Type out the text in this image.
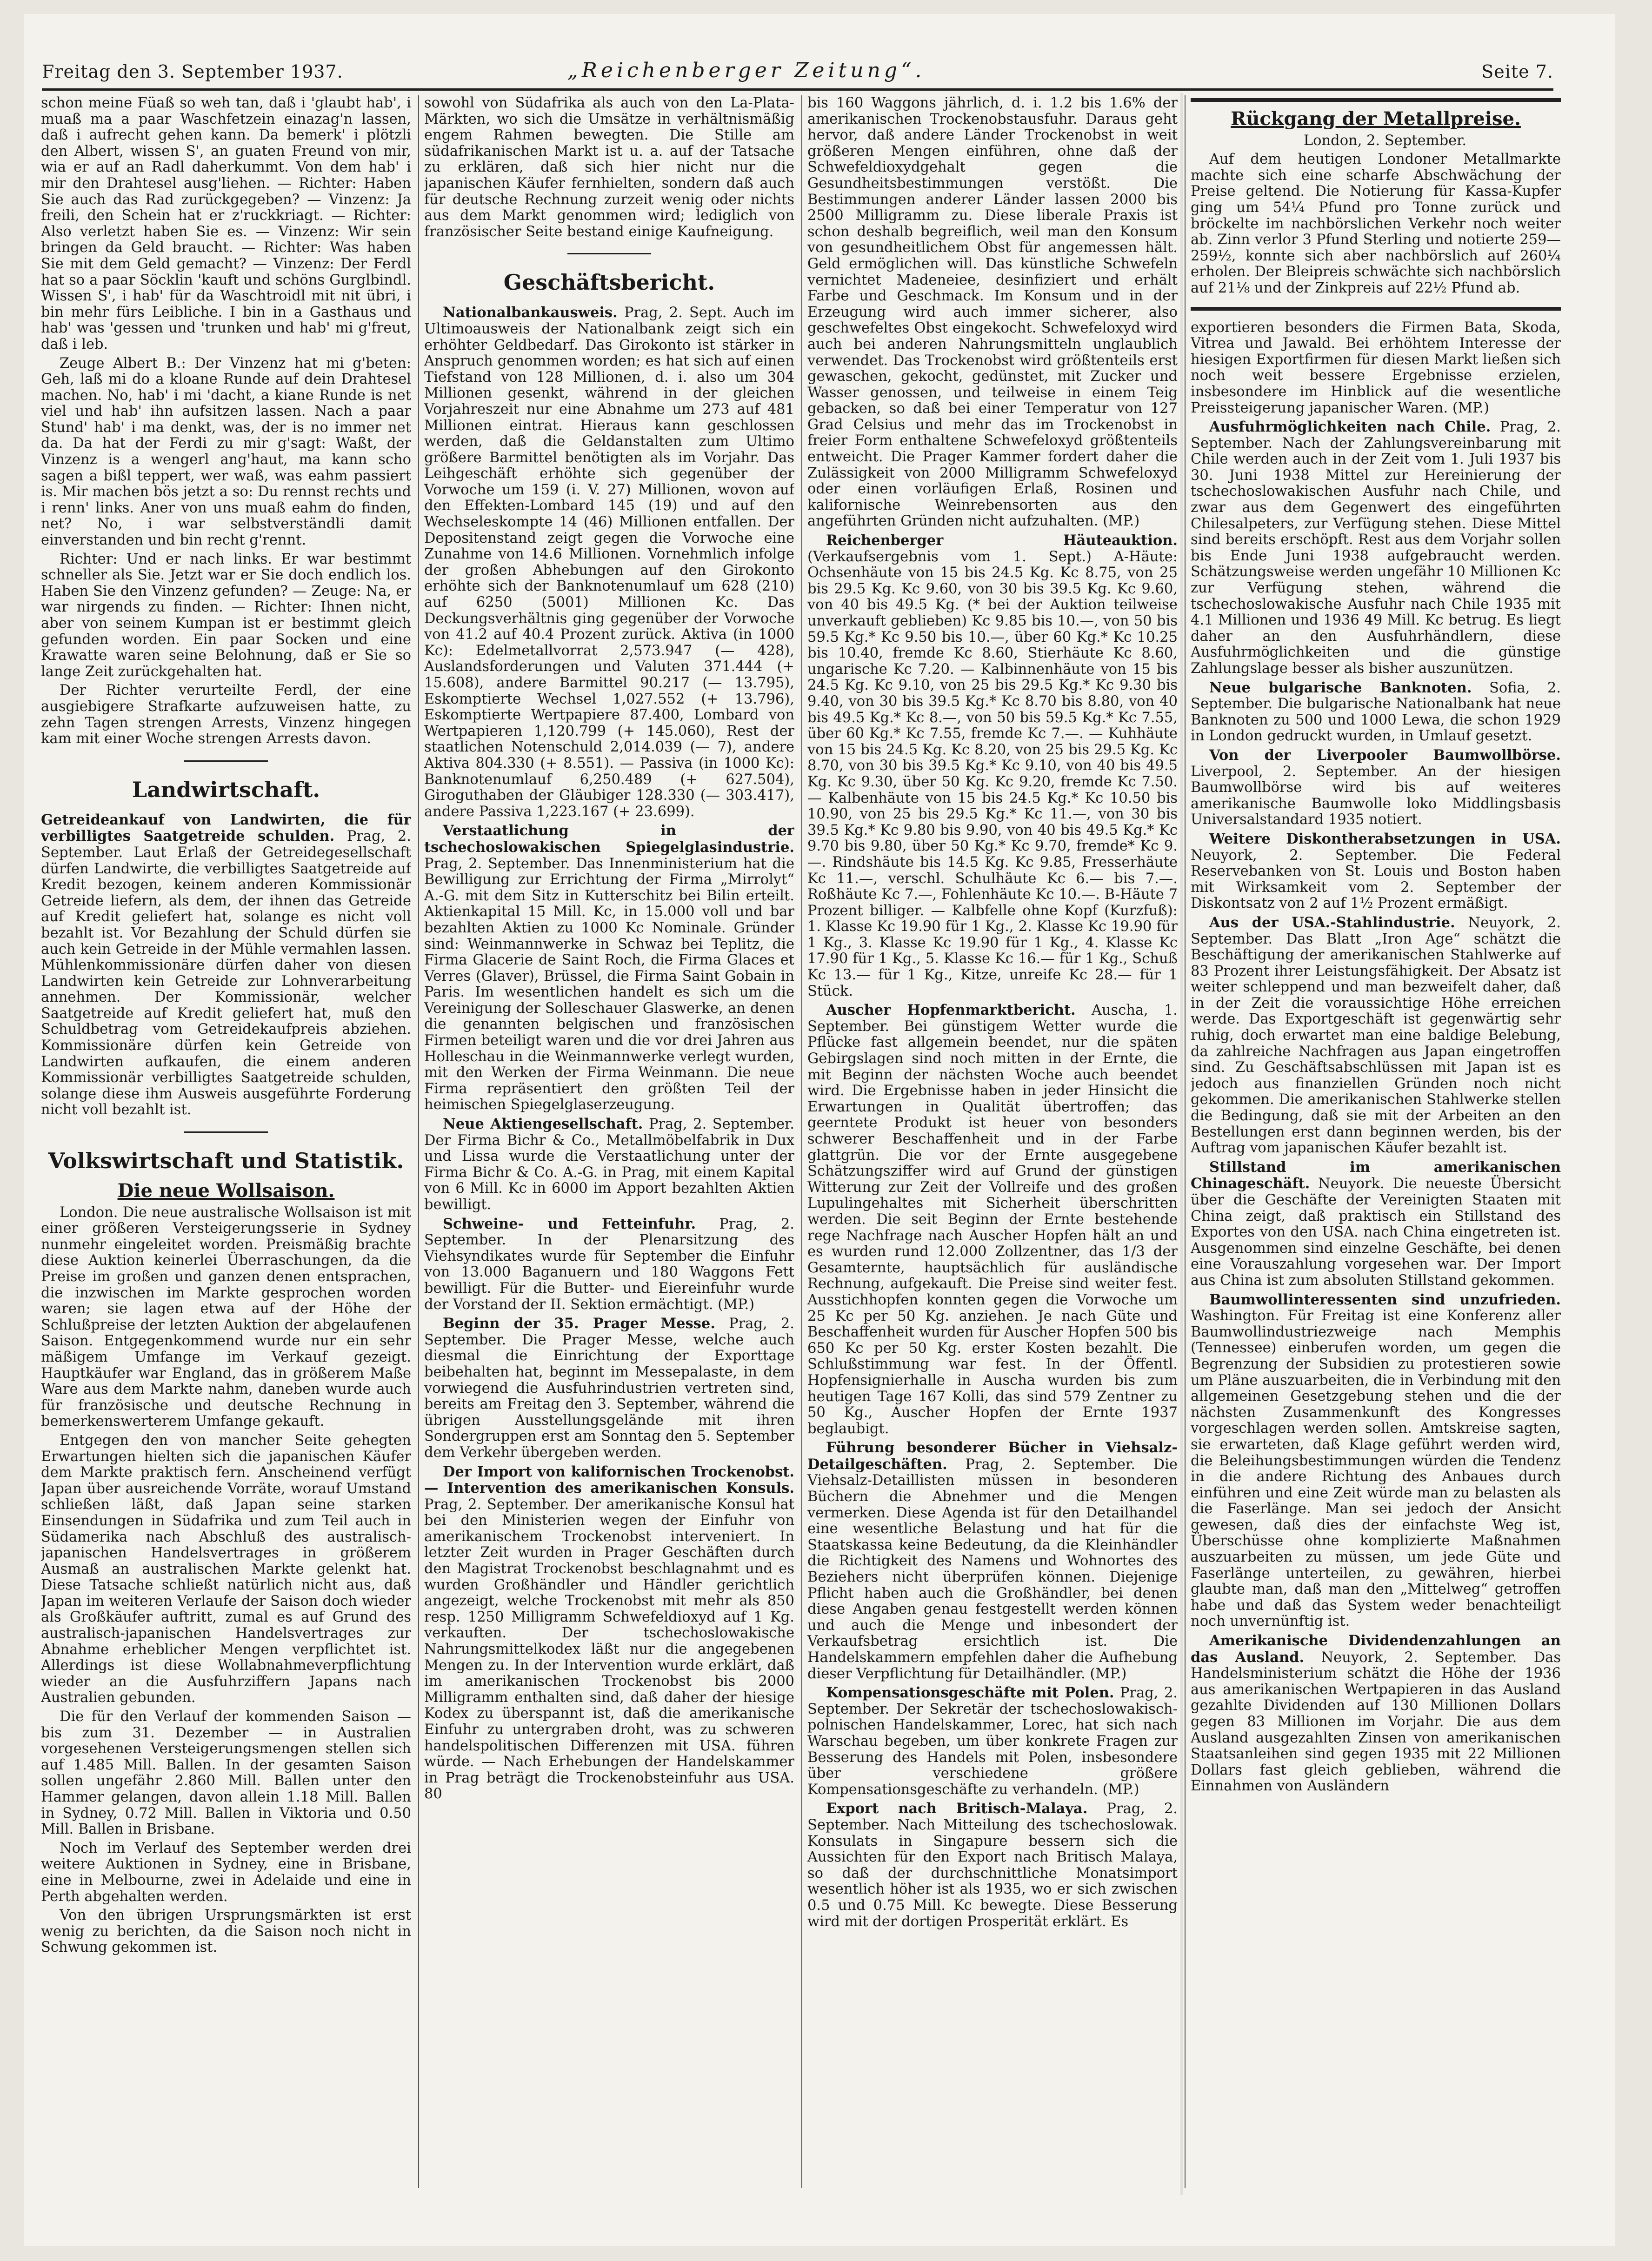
Freitag den 3. September 1937.	„Reichenberger Zeitung“.	Seite 7.

schon meine Füaß so weh tan, daß i 'glaubt hab', i muaß ma a paar Waschfetzein einazag'n lassen, daß i aufrecht gehen kann. Da bemerk' i plötzli den Albert, wissen S', an guaten Freund von mir, wia er auf an Radl daherkummt. Von dem hab' i mir den Drahtesel ausg'liehen. — Richter: Haben Sie auch das Rad zurückgegeben? — Vinzenz: Ja freili, den Schein hat er z'ruckkriagt. — Richter: Also verletzt haben Sie es. — Vinzenz: Wir sein bringen da Geld braucht. — Richter: Was haben Sie mit dem Geld gemacht? — Vinzenz: Der Ferdl hat so a paar Söcklin 'kauft und schöns Gurglbindl. Wissen S', i hab' für da Waschtroidl mit nit übri, i bin mehr fürs Leibliche. I bin in a Gasthaus und hab' was 'gessen und 'trunken und hab' mi g'freut, daß i leb.

Zeuge Albert B.: Der Vinzenz hat mi g'beten: Geh, laß mi do a kloane Runde auf dein Drahtesel machen. No, hab' i mi 'dacht, a kiane Runde is net viel und hab' ihn aufsitzen lassen. Nach a paar Stund' hab' i ma denkt, was, der is no immer net da. Da hat der Ferdi zu mir g'sagt: Waßt, der Vinzenz is a wengerl ang'haut, ma kann scho sagen a bißl teppert, wer waß, was eahm passiert is. Mir machen bös jetzt a so: Du rennst rechts und i renn' links. Aner von uns muaß eahm do finden, net? No, i war selbstverständli damit einverstanden und bin recht g'rennt.

Richter: Und er nach links. Er war bestimmt schneller als Sie. Jetzt war er Sie doch endlich los. Haben Sie den Vinzenz gefunden? — Zeuge: Na, er war nirgends zu finden. — Richter: Ihnen nicht, aber von seinem Kumpan ist er bestimmt gleich gefunden worden. Ein paar Socken und eine Krawatte waren seine Belohnung, daß er Sie so lange Zeit zurückgehalten hat.

Der Richter verurteilte Ferdl, der eine ausgiebigere Strafkarte aufzuweisen hatte, zu zehn Tagen strengen Arrests, Vinzenz hingegen kam mit einer Woche strengen Arrests davon.

Landwirtschaft.

Getreideankauf von Landwirten, die für verbilligtes Saatgetreide schulden. Prag, 2. September. Laut Erlaß der Getreidegesellschaft dürfen Landwirte, die verbilligtes Saatgetreide auf Kredit bezogen, keinem anderen Kommissionär Getreide liefern, als dem, der ihnen das Getreide auf Kredit geliefert hat, solange es nicht voll bezahlt ist. Vor Bezahlung der Schuld dürfen sie auch kein Getreide in der Mühle vermahlen lassen. Mühlenkommissionäre dürfen daher von diesen Landwirten kein Getreide zur Lohnverarbeitung annehmen. Der Kommissionär, welcher Saatgetreide auf Kredit geliefert hat, muß den Schuldbetrag vom Getreidekaufpreis abziehen. Kommissionäre dürfen kein Getreide von Landwirten aufkaufen, die einem anderen Kommissionär verbilligtes Saatgetreide schulden, solange diese ihm Ausweis ausgeführte Forderung nicht voll bezahlt ist.

Volkswirtschaft und Statistik.
Die neue Wollsaison.

London. Die neue australische Wollsaison ist mit einer größeren Versteigerungsserie in Sydney nunmehr eingeleitet worden. Preismäßig brachte diese Auktion keinerlei Überraschungen, da die Preise im großen und ganzen denen entsprachen, die inzwischen im Markte gesprochen worden waren; sie lagen etwa auf der Höhe der Schlußpreise der letzten Auktion der abgelaufenen Saison. Entgegenkommend wurde nur ein sehr mäßigem Umfange im Verkauf gezeigt. Hauptkäufer war England, das in größerem Maße Ware aus dem Markte nahm, daneben wurde auch für französische und deutsche Rechnung in bemerkenswerterem Umfange gekauft.

Entgegen den von mancher Seite gehegten Erwartungen hielten sich die japanischen Käufer dem Markte praktisch fern. Anscheinend verfügt Japan über ausreichende Vorräte, worauf Umstand schließen läßt, daß Japan seine starken Einsendungen in Südafrika und zum Teil auch in Südamerika nach Abschluß des australisch-japanischen Handelsvertrages in größerem Ausmaß an australischen Markte gelenkt hat. Diese Tatsache schließt natürlich nicht aus, daß Japan im weiteren Verlaufe der Saison doch wieder als Großkäufer auftritt, zumal es auf Grund des australisch-japanischen Handelsvertrages zur Abnahme erheblicher Mengen verpflichtet ist. Allerdings ist diese Wollabnahmeverpflichtung wieder an die Ausfuhrziffern Japans nach Australien gebunden.

Die für den Verlauf der kommenden Saison — bis zum 31. Dezember — in Australien vorgesehenen Versteigerungsmengen stellen sich auf 1.485 Mill. Ballen. In der gesamten Saison sollen ungefähr 2.860 Mill. Ballen unter den Hammer gelangen, davon allein 1.18 Mill. Ballen in Sydney, 0.72 Mill. Ballen in Viktoria und 0.50 Mill. Ballen in Brisbane.

Noch im Verlauf des September werden drei weitere Auktionen in Sydney, eine in Brisbane, eine in Melbourne, zwei in Adelaide und eine in Perth abgehalten werden.

Von den übrigen Ursprungsmärkten ist erst wenig zu berichten, da die Saison noch nicht in Schwung gekommen ist.

sowohl von Südafrika als auch von den La-Plata-Märkten, wo sich die Umsätze in verhältnismäßig engem Rahmen bewegten. Die Stille am südafrikanischen Markt ist u. a. auf der Tatsache zu erklären, daß sich hier nicht nur die japanischen Käufer fernhielten, sondern daß auch für deutsche Rechnung zurzeit wenig oder nichts aus dem Markt genommen wird; lediglich von französischer Seite bestand einige Kaufneigung.

Geschäftsbericht.

Nationalbankausweis. Prag, 2. Sept. Auch im Ultimoausweis der Nationalbank zeigt sich ein erhöhter Geldbedarf. Das Girokonto ist stärker in Anspruch genommen worden; es hat sich auf einen Tiefstand von 128 Millionen, d. i. also um 304 Millionen gesenkt, während in der gleichen Vorjahreszeit nur eine Abnahme um 273 auf 481 Millionen eintrat. Hieraus kann geschlossen werden, daß die Geldanstalten zum Ultimo größere Barmittel benötigten als im Vorjahr. Das Leihgeschäft erhöhte sich gegenüber der Vorwoche um 159 (i. V. 27) Millionen, wovon auf den Effekten-Lombard 145 (19) und auf den Wechseleskompte 14 (46) Millionen entfallen. Der Depositenstand zeigt gegen die Vorwoche eine Zunahme von 14.6 Millionen. Vornehmlich infolge der großen Abhebungen auf den Girokonto erhöhte sich der Banknotenumlauf um 628 (210) auf 6250 (5001) Millionen Kc. Das Deckungsverhältnis ging gegenüber der Vorwoche von 41.2 auf 40.4 Prozent zurück. Aktiva (in 1000 Kc): Edelmetallvorrat 2,573.947 (— 428), Auslandsforderungen und Valuten 371.444 (+ 15.608), andere Barmittel 90.217 (— 13.795), Eskomptierte Wechsel 1,027.552 (+ 13.796), Eskomptierte Wertpapiere 87.400, Lombard von Wertpapieren 1,120.799 (+ 145.060), Rest der staatlichen Notenschuld 2,014.039 (— 7), andere Aktiva 804.330 (+ 8.551). — Passiva (in 1000 Kc): Banknotenumlauf 6,250.489 (+ 627.504), Giroguthaben der Gläubiger 128.330 (— 303.417), andere Passiva 1,223.167 (+ 23.699).

Verstaatlichung in der tschechoslowakischen Spiegelglasindustrie. Prag, 2. September. Das Innenministerium hat die Bewilligung zur Errichtung der Firma „Mirrolyt“ A.-G. mit dem Sitz in Kutterschitz bei Bilin erteilt. Aktienkapital 15 Mill. Kc, in 15.000 voll und bar bezahlten Aktien zu 1000 Kc Nominale. Gründer sind: Weinmannwerke in Schwaz bei Teplitz, die Firma Glacerie de Saint Roch, die Firma Glaces et Verres (Glaver), Brüssel, die Firma Saint Gobain in Paris. Im wesentlichen handelt es sich um die Vereinigung der Solleschauer Glaswerke, an denen die genannten belgischen und französischen Firmen beteiligt waren und die vor drei Jahren aus Holleschau in die Weinmannwerke verlegt wurden, mit den Werken der Firma Weinmann. Die neue Firma repräsentiert den größten Teil der heimischen Spiegelglaserzeugung.

Neue Aktiengesellschaft. Prag, 2. September. Der Firma Bichr & Co., Metallmöbelfabrik in Dux und Lissa wurde die Verstaatlichung unter der Firma Bichr & Co. A.-G. in Prag, mit einem Kapital von 6 Mill. Kc in 6000 im Apport bezahlten Aktien bewilligt.

Schweine- und Fetteinfuhr. Prag, 2. September. In der Plenarsitzung des Viehsyndikates wurde für September die Einfuhr von 13.000 Baganuern und 180 Waggons Fett bewilligt. Für die Butter- und Eiereinfuhr wurde der Vorstand der II. Sektion ermächtigt. (MP.)

Beginn der 35. Prager Messe. Prag, 2. September. Die Prager Messe, welche auch diesmal die Einrichtung der Exporttage beibehalten hat, beginnt im Messepalaste, in dem vorwiegend die Ausfuhrindustrien vertreten sind, bereits am Freitag den 3. September, während die übrigen Ausstellungsgelände mit ihren Sondergruppen erst am Sonntag den 5. September dem Verkehr übergeben werden.

Der Import von kalifornischen Trockenobst. — Intervention des amerikanischen Konsuls. Prag, 2. September. Der amerikanische Konsul hat bei den Ministerien wegen der Einfuhr von amerikanischem Trockenobst interveniert. In letzter Zeit wurden in Prager Geschäften durch den Magistrat Trockenobst beschlagnahmt und es wurden Großhändler und Händler gerichtlich angezeigt, welche Trockenobst mit mehr als 850 resp. 1250 Milligramm Schwefeldioxyd auf 1 Kg. verkauften. Der tschechoslowakische Nahrungsmittelkodex läßt nur die angegebenen Mengen zu. In der Intervention wurde erklärt, daß im amerikanischen Trockenobst bis 2000 Milligramm enthalten sind, daß daher der hiesige Kodex zu überspannt ist, daß die amerikanische Einfuhr zu untergraben droht, was zu schweren handelspolitischen Differenzen mit USA. führen würde. — Nach Erhebungen der Handelskammer in Prag beträgt die Trockenobsteinfuhr aus USA. 80

bis 160 Waggons jährlich, d. i. 1.2 bis 1.6% der amerikanischen Trockenobstausfuhr. Daraus geht hervor, daß andere Länder Trockenobst in weit größeren Mengen einführen, ohne daß der Schwefeldioxydgehalt gegen die Gesundheitsbestimmungen verstößt. Die Bestimmungen anderer Länder lassen 2000 bis 2500 Milligramm zu. Diese liberale Praxis ist schon deshalb begreiflich, weil man den Konsum von gesundheitlichem Obst für angemessen hält. Geld ermöglichen will. Das künstliche Schwefeln vernichtet Madeneiee, desinfiziert und erhält Farbe und Geschmack. Im Konsum und in der Erzeugung wird auch immer sicherer, also geschwefeltes Obst eingekocht. Schwefeloxyd wird auch bei anderen Nahrungsmitteln unglaublich verwendet. Das Trockenobst wird größtenteils erst gewaschen, gekocht, gedünstet, mit Zucker und Wasser genossen, und teilweise in einem Teig gebacken, so daß bei einer Temperatur von 127 Grad Celsius und mehr das im Trockenobst in freier Form enthaltene Schwefeloxyd größtenteils entweicht. Die Prager Kammer fordert daher die Zulässigkeit von 2000 Milligramm Schwefeloxyd oder einen vorläufigen Erlaß, Rosinen und kalifornische Weinrebensorten aus den angeführten Gründen nicht aufzuhalten. (MP.)

Reichenberger Häuteauktion. (Verkaufsergebnis vom 1. Sept.) A-Häute: Ochsenhäute von 15 bis 24.5 Kg. Kc 8.75, von 25 bis 29.5 Kg. Kc 9.60, von 30 bis 39.5 Kg. Kc 9.60, von 40 bis 49.5 Kg. (* bei der Auktion teilweise unverkauft geblieben) Kc 9.85 bis 10.—, von 50 bis 59.5 Kg.* Kc 9.50 bis 10.—, über 60 Kg.* Kc 10.25 bis 10.40, fremde Kc 8.60, Stierhäute Kc 8.60, ungarische Kc 7.20. — Kalbinnenhäute von 15 bis 24.5 Kg. Kc 9.10, von 25 bis 29.5 Kg.* Kc 9.30 bis 9.40, von 30 bis 39.5 Kg.* Kc 8.70 bis 8.80, von 40 bis 49.5 Kg.* Kc 8.—, von 50 bis 59.5 Kg.* Kc 7.55, über 60 Kg.* Kc 7.55, fremde Kc 7.—. — Kuhhäute von 15 bis 24.5 Kg. Kc 8.20, von 25 bis 29.5 Kg. Kc 8.70, von 30 bis 39.5 Kg.* Kc 9.10, von 40 bis 49.5 Kg. Kc 9.30, über 50 Kg. Kc 9.20, fremde Kc 7.50. — Kalbenhäute von 15 bis 24.5 Kg.* Kc 10.50 bis 10.90, von 25 bis 29.5 Kg.* Kc 11.—, von 30 bis 39.5 Kg.* Kc 9.80 bis 9.90, von 40 bis 49.5 Kg.* Kc 9.70 bis 9.80, über 50 Kg.* Kc 9.70, fremde* Kc 9.—. Rindshäute bis 14.5 Kg. Kc 9.85, Fresserhäute Kc 11.—, verschl. Schulhäute Kc 6.— bis 7.—. Roßhäute Kc 7.—, Fohlenhäute Kc 10.—. B-Häute 7 Prozent billiger. — Kalbfelle ohne Kopf (Kurzfuß): 1. Klasse Kc 19.90 für 1 Kg., 2. Klasse Kc 19.90 für 1 Kg., 3. Klasse Kc 19.90 für 1 Kg., 4. Klasse Kc 17.90 für 1 Kg., 5. Klasse Kc 16.— für 1 Kg., Schuß Kc 13.— für 1 Kg., Kitze, unreife Kc 28.— für 1 Stück.

Auscher Hopfenmarktbericht. Auscha, 1. September. Bei günstigem Wetter wurde die Pflücke fast allgemein beendet, nur die späten Gebirgslagen sind noch mitten in der Ernte, die mit Beginn der nächsten Woche auch beendet wird. Die Ergebnisse haben in jeder Hinsicht die Erwartungen in Qualität übertroffen; das geerntete Produkt ist heuer von besonders schwerer Beschaffenheit und in der Farbe glattgrün. Die vor der Ernte ausgegebene Schätzungsziffer wird auf Grund der günstigen Witterung zur Zeit der Vollreife und des großen Lupulingehaltes mit Sicherheit überschritten werden. Die seit Beginn der Ernte bestehende rege Nachfrage nach Auscher Hopfen hält an und es wurden rund 12.000 Zollzentner, das 1/3 der Gesamternte, hauptsächlich für ausländische Rechnung, aufgekauft. Die Preise sind weiter fest. Ausstichhopfen konnten gegen die Vorwoche um 25 Kc per 50 Kg. anziehen. Je nach Güte und Beschaffenheit wurden für Auscher Hopfen 500 bis 650 Kc per 50 Kg. erster Kosten bezahlt. Die Schlußstimmung war fest. In der Öffentl. Hopfensignierhalle in Auscha wurden bis zum heutigen Tage 167 Kolli, das sind 579 Zentner zu 50 Kg., Auscher Hopfen der Ernte 1937 beglaubigt.

Führung besonderer Bücher in Viehsalz-Detailgeschäften. Prag, 2. September. Die Viehsalz-Detaillisten müssen in besonderen Büchern die Abnehmer und die Mengen vermerken. Diese Agenda ist für den Detailhandel eine wesentliche Belastung und hat für die Staatskassa keine Bedeutung, da die Kleinhändler die Richtigkeit des Namens und Wohnortes des Beziehers nicht überprüfen können. Diejenige Pflicht haben auch die Großhändler, bei denen diese Angaben genau festgestellt werden können und auch die Menge und inbesondert der Verkaufsbetrag ersichtlich ist. Die Handelskammern empfehlen daher die Aufhebung dieser Verpflichtung für Detailhändler. (MP.)

Kompensationsgeschäfte mit Polen. Prag, 2. September. Der Sekretär der tschechoslowakisch-polnischen Handelskammer, Lorec, hat sich nach Warschau begeben, um über konkrete Fragen zur Besserung des Handels mit Polen, insbesondere über verschiedene größere Kompensationsgeschäfte zu verhandeln. (MP.)

Export nach Britisch-Malaya. Prag, 2. September. Nach Mitteilung des tschechoslowak. Konsulats in Singapure bessern sich die Aussichten für den Export nach Britisch Malaya, so daß der durchschnittliche Monatsimport wesentlich höher ist als 1935, wo er sich zwischen 0.5 und 0.75 Mill. Kc bewegte. Diese Besserung wird mit der dortigen Prosperität erklärt. Es

Rückgang der Metallpreise.

London, 2. September.

Auf dem heutigen Londoner Metallmarkte machte sich eine scharfe Abschwächung der Preise geltend. Die Notierung für Kassa-Kupfer ging um 54¼ Pfund pro Tonne zurück und bröckelte im nachbörslichen Verkehr noch weiter ab. Zinn verlor 3 Pfund Sterling und notierte 259—259½, konnte sich aber nachbörslich auf 260¼ erholen. Der Bleipreis schwächte sich nachbörslich auf 21⅛ und der Zinkpreis auf 22½ Pfund ab.

exportieren besonders die Firmen Bata, Skoda, Vitrea und Jawald. Bei erhöhtem Interesse der hiesigen Exportfirmen für diesen Markt ließen sich noch weit bessere Ergebnisse erzielen, insbesondere im Hinblick auf die wesentliche Preissteigerung japanischer Waren. (MP.)

Ausfuhrmöglichkeiten nach Chile. Prag, 2. September. Nach der Zahlungsvereinbarung mit Chile werden auch in der Zeit vom 1. Juli 1937 bis 30. Juni 1938 Mittel zur Hereinierung der tschechoslowakischen Ausfuhr nach Chile, und zwar aus dem Gegenwert des eingeführten Chilesalpeters, zur Verfügung stehen. Diese Mittel sind bereits erschöpft. Rest aus dem Vorjahr sollen bis Ende Juni 1938 aufgebraucht werden. Schätzungsweise werden ungefähr 10 Millionen Kc zur Verfügung stehen, während die tschechoslowakische Ausfuhr nach Chile 1935 mit 4.1 Millionen und 1936 49 Mill. Kc betrug. Es liegt daher an den Ausfuhrhändlern, diese Ausfuhrmöglichkeiten und die günstige Zahlungslage besser als bisher auszunützen.

Neue bulgarische Banknoten. Sofia, 2. September. Die bulgarische Nationalbank hat neue Banknoten zu 500 und 1000 Lewa, die schon 1929 in London gedruckt wurden, in Umlauf gesetzt.

Von der Liverpooler Baumwollbörse. Liverpool, 2. September. An der hiesigen Baumwollbörse wird bis auf weiteres amerikanische Baumwolle loko Middlingsbasis Universalstandard 1935 notiert.

Weitere Diskontherabsetzungen in USA. Neuyork, 2. September. Die Federal Reservebanken von St. Louis und Boston haben mit Wirksamkeit vom 2. September der Diskontsatz von 2 auf 1½ Prozent ermäßigt.

Aus der USA.-Stahlindustrie. Neuyork, 2. September. Das Blatt „Iron Age“ schätzt die Beschäftigung der amerikanischen Stahlwerke auf 83 Prozent ihrer Leistungsfähigkeit. Der Absatz ist weiter schleppend und man bezweifelt daher, daß in der Zeit die voraussichtige Höhe erreichen werde. Das Exportgeschäft ist gegenwärtig sehr ruhig, doch erwartet man eine baldige Belebung, da zahlreiche Nachfragen aus Japan eingetroffen sind. Zu Geschäftsabschlüssen mit Japan ist es jedoch aus finanziellen Gründen noch nicht gekommen. Die amerikanischen Stahlwerke stellen die Bedingung, daß sie mit der Arbeiten an den Bestellungen erst dann beginnen werden, bis der Auftrag vom japanischen Käufer bezahlt ist.

Stillstand im amerikanischen Chinageschäft. Neuyork. Die neueste Übersicht über die Geschäfte der Vereinigten Staaten mit China zeigt, daß praktisch ein Stillstand des Exportes von den USA. nach China eingetreten ist. Ausgenommen sind einzelne Geschäfte, bei denen eine Vorauszahlung vorgesehen war. Der Import aus China ist zum absoluten Stillstand gekommen.

Baumwollinteressenten sind unzufrieden. Washington. Für Freitag ist eine Konferenz aller Baumwollindustriezweige nach Memphis (Tennessee) einberufen worden, um gegen die Begrenzung der Subsidien zu protestieren sowie um Pläne auszuarbeiten, die in Verbindung mit den allgemeinen Gesetzgebung stehen und die der nächsten Zusammenkunft des Kongresses vorgeschlagen werden sollen. Amtskreise sagten, sie erwarteten, daß Klage geführt werden wird, die Beleihungsbestimmungen würden die Tendenz in die andere Richtung des Anbaues durch einführen und eine Zeit würde man zu belasten als die Faserlänge. Man sei jedoch der Ansicht gewesen, daß dies der einfachste Weg ist, Überschüsse ohne komplizierte Maßnahmen auszuarbeiten zu müssen, um jede Güte und Faserlänge unterteilen, zu gewähren, hierbei glaubte man, daß man den „Mittelweg“ getroffen habe und daß das System weder benachteiligt noch unvernünftig ist.

Amerikanische Dividendenzahlungen an das Ausland. Neuyork, 2. September. Das Handelsministerium schätzt die Höhe der 1936 aus amerikanischen Wertpapieren in das Ausland gezahlte Dividenden auf 130 Millionen Dollars gegen 83 Millionen im Vorjahr. Die aus dem Ausland ausgezahlten Zinsen von amerikanischen Staatsanleihen sind gegen 1935 mit 22 Millionen Dollars fast gleich geblieben, während die Einnahmen von Ausländern
